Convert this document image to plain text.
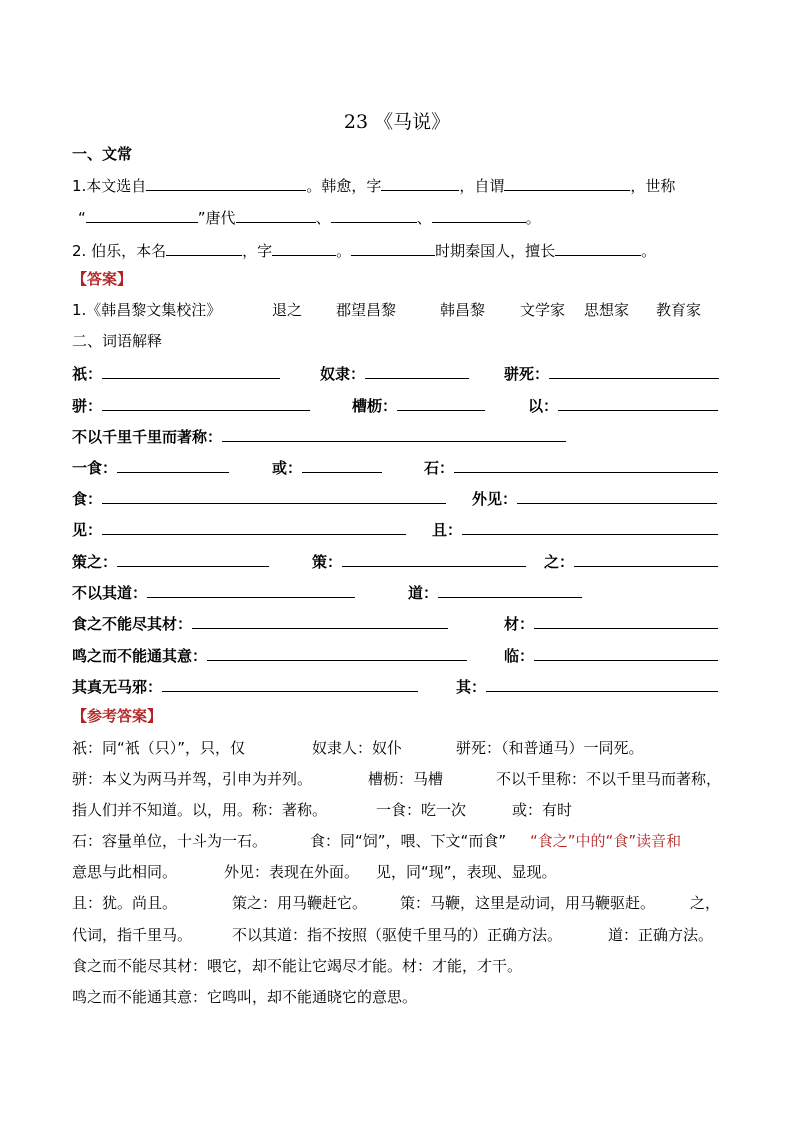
23 《马说》
一、文常
1.本文选自	。韩愈，字	，自谓	，世称
“	”唐代	、	、	。
2. 伯乐，本名	，字	。	时期秦国人，擅长	。
【答案】
1.《韩昌黎文集校注》	退之 郡望昌黎	韩昌黎 文学家 思想家 教育家
二、词语解释
祇：	奴隶：	骈死：
骈：	槽枥：	以：
不以千里千里而著称：
一食：	或：	石：
食：	外见：
见：	且：
策之：	策：	之：
不以其道：	道：
食之不能尽其材：	材：
鸣之而不能通其意：	临：
其真无马邪：	其：
【参考答案】
祇：同“衹（只）”，只，仅	奴隶人：奴仆	骈死：（和普通马）一同死。
骈：本义为两马并驾，引申为并列。	槽枥：马槽	不以千里称：不以千里马而著称，
指人们并不知道。以，用。称：著称。	一食：吃一次	或：有时
石：容量单位，十斗为一石。	食：同“饲”，喂、下文“而食” “食之”中的“食”读音和
意思与此相同。	外见：表现在外面。 见，同“现”，表现、显现。
且：犹。尚且。	策之：用马鞭赶它。 策：马鞭，这里是动词，用马鞭驱赶。 之，
代词，指千里马。	不以其道：指不按照（驱使千里马的）正确方法。	道：正确方法。
食之而不能尽其材：喂它，却不能让它竭尽才能。材：才能，才干。
鸣之而不能通其意：它鸣叫，却不能通晓它的意思。
